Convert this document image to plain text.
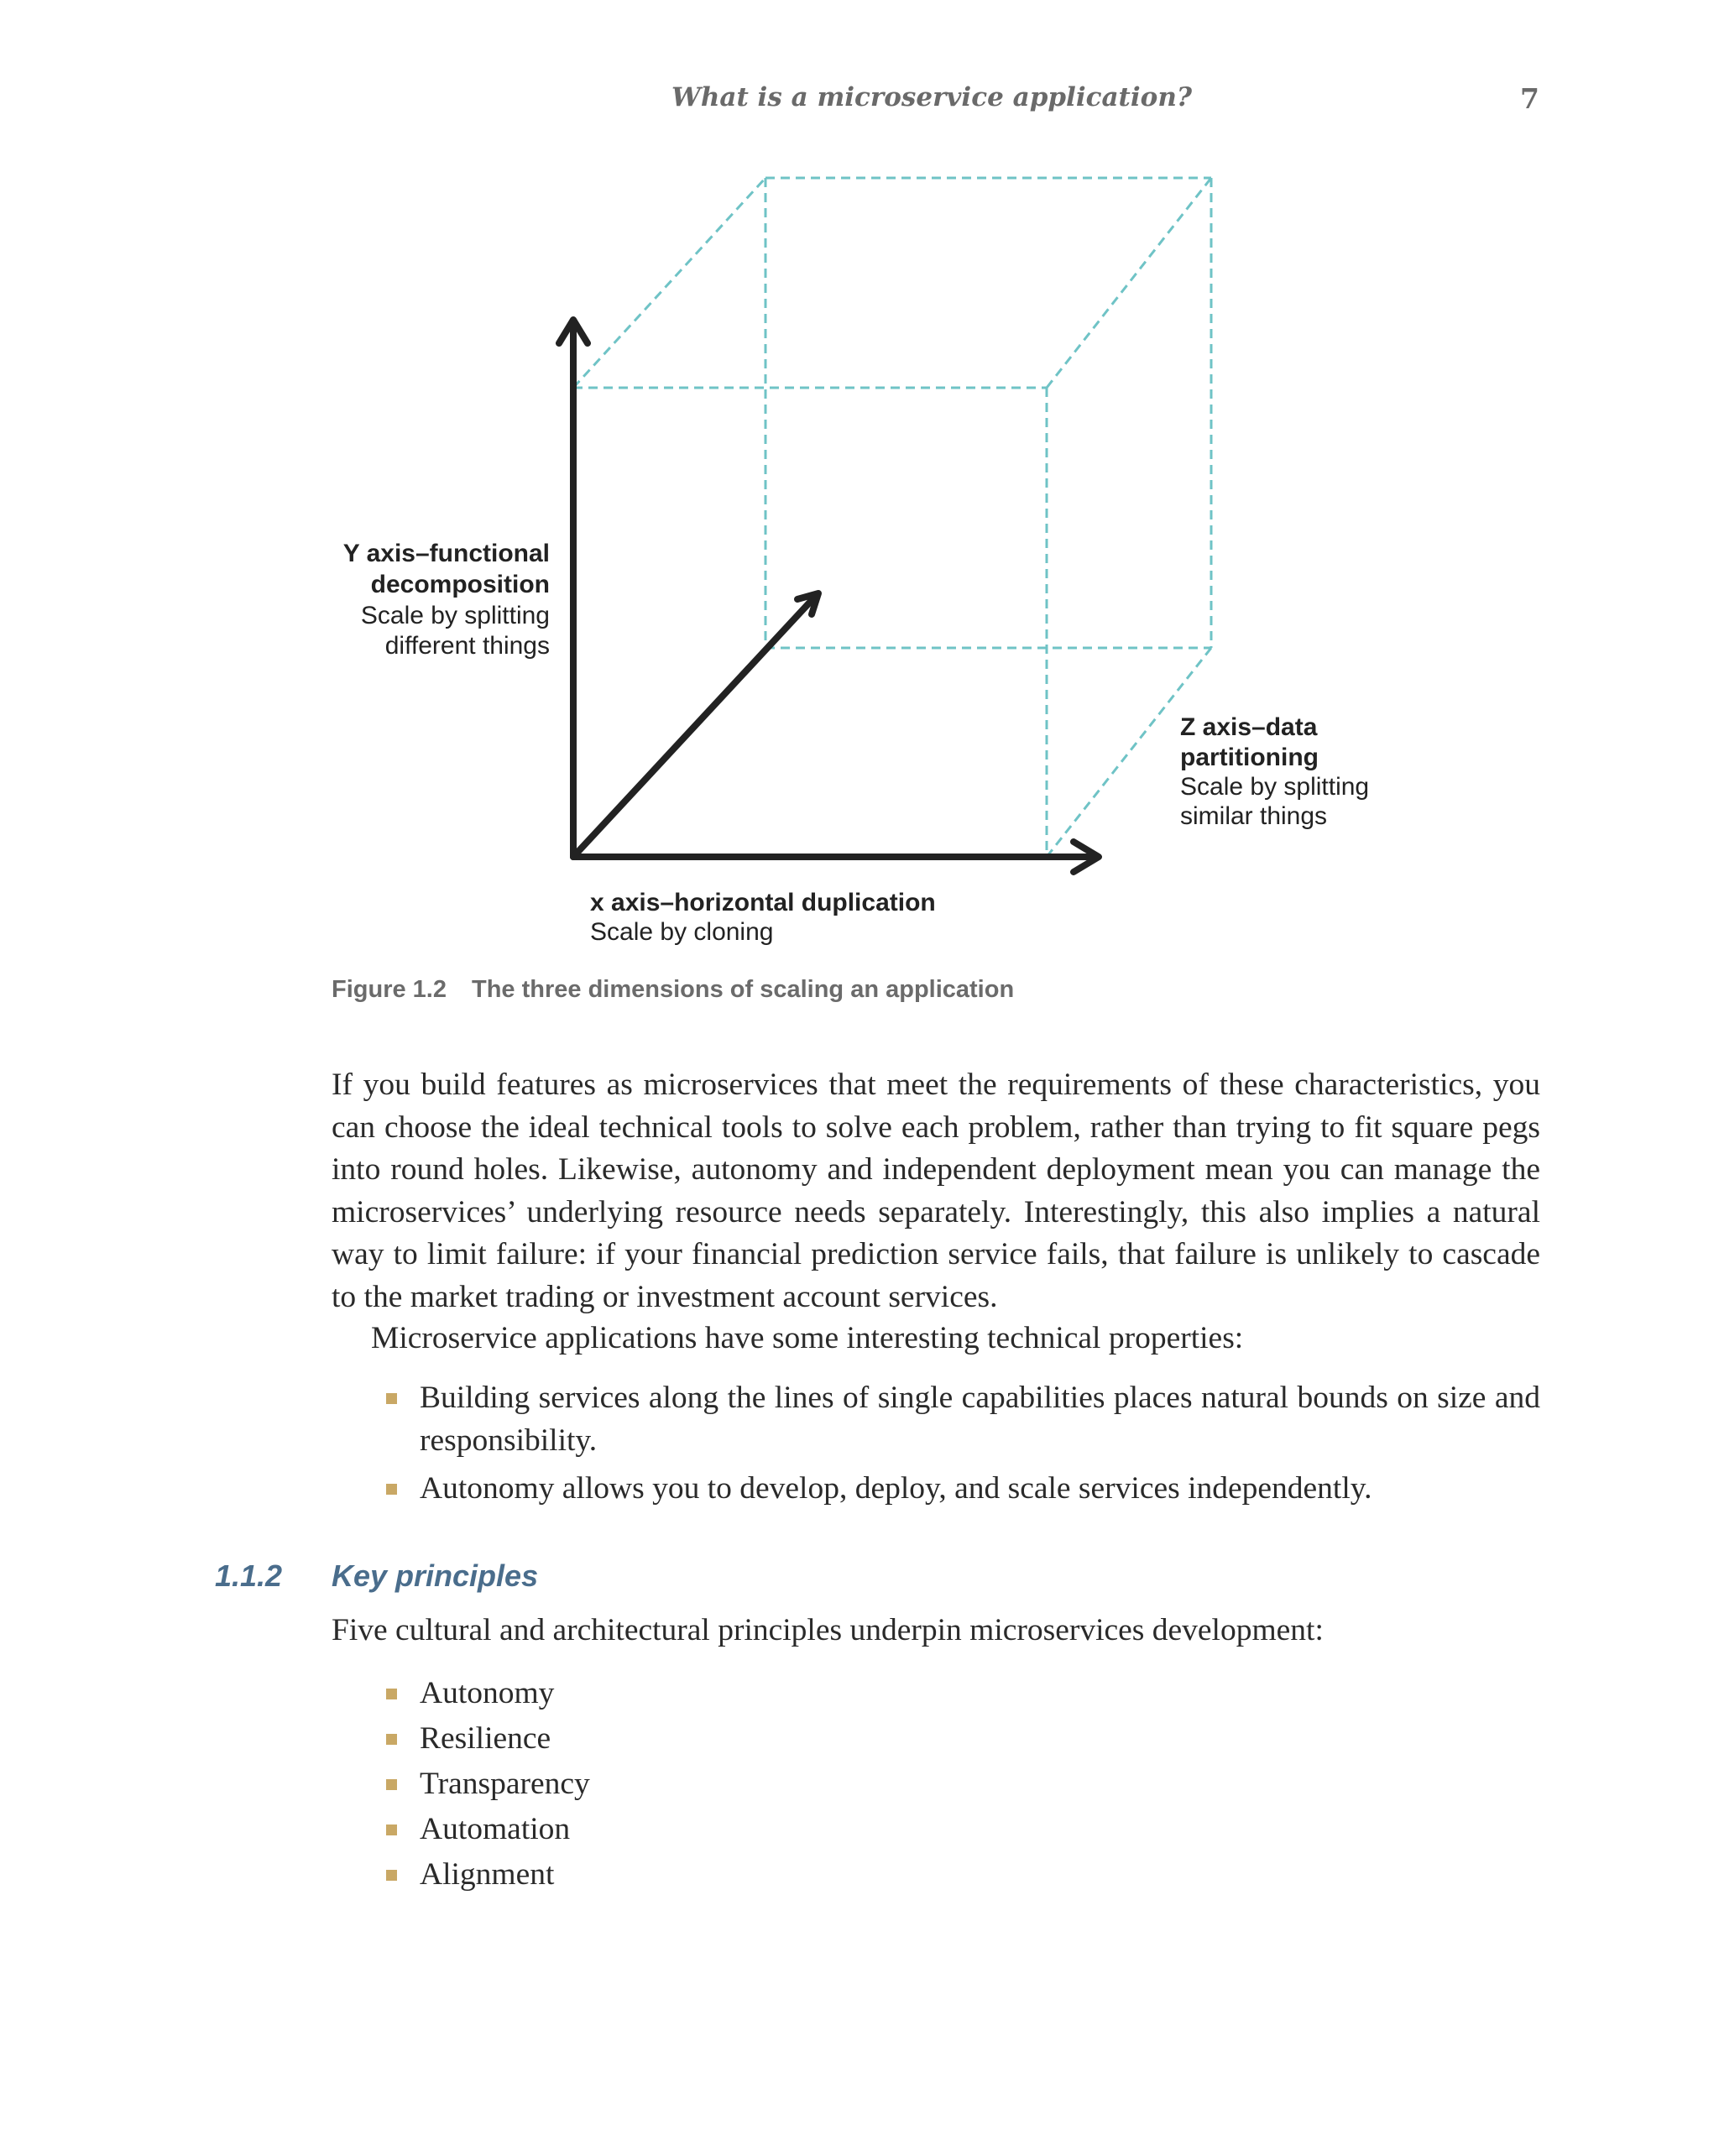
What is a microservice application?	7
Y axis–functional
decomposition
Scale by splitting
different things
Z axis–data
partitioning
Scale by splitting
similar things
x axis–horizontal duplication
Scale by cloning
Figure 1.2 The three dimensions of scaling an application

If you build features as microservices that meet the requirements of these characteristics, you can choose the ideal technical tools to solve each problem, rather than trying to fit square pegs into round holes. Likewise, autonomy and independent deployment mean you can manage the microservices’ underlying resource needs separately. Interestingly, this also implies a natural way to limit failure: if your financial prediction service fails, that failure is unlikely to cascade to the market trading or investment account services.

Microservice applications have some interesting technical properties:

Building services along the lines of single capabilities places natural bounds on size and responsibility.
Autonomy allows you to develop, deploy, and scale services independently.
1.1.2 Key principles

Five cultural and architectural principles underpin microservices development:

Autonomy
Resilience
Transparency
Automation
Alignment
